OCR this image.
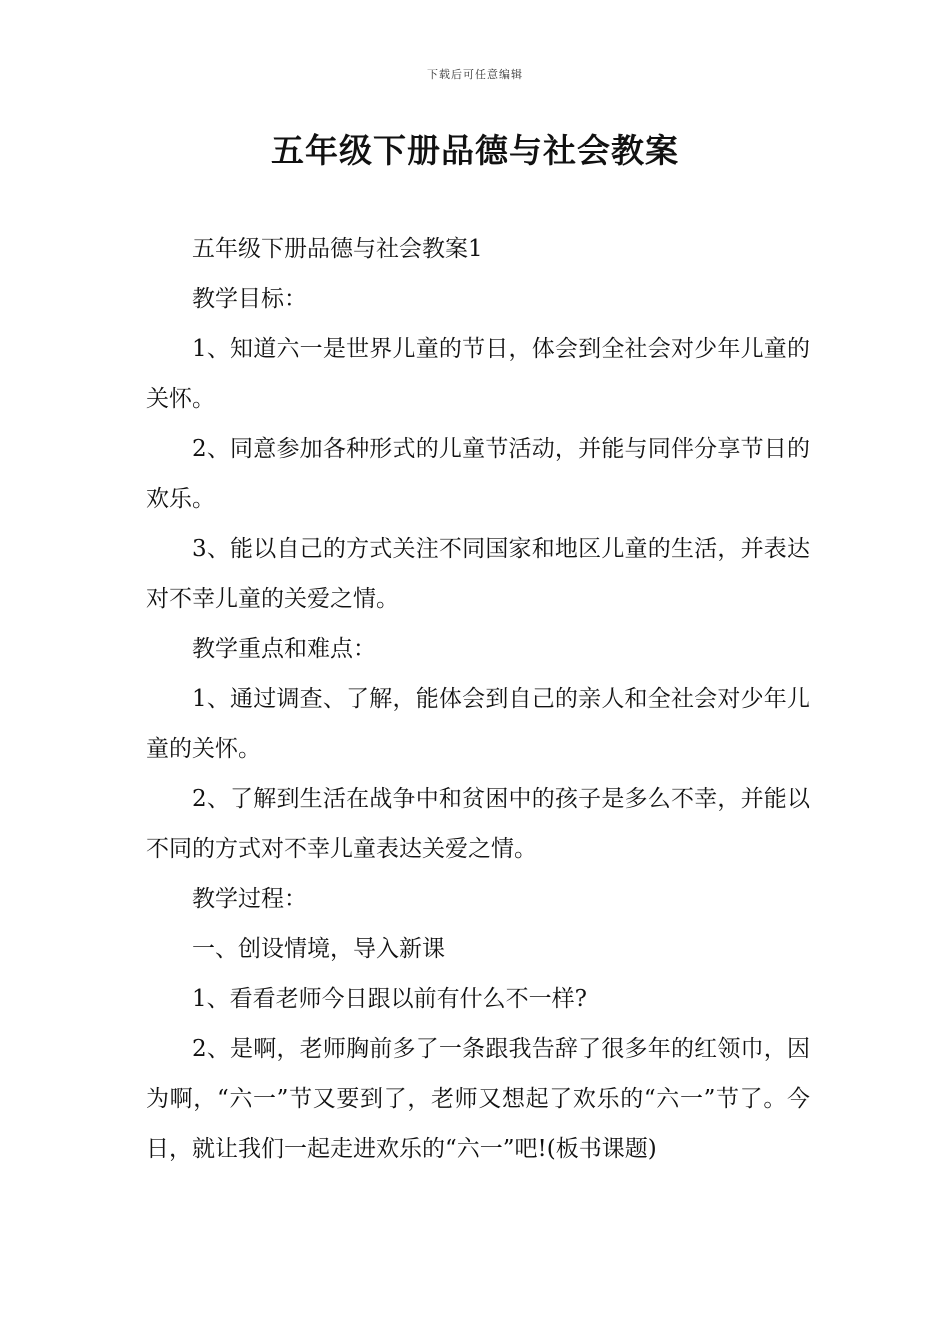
下载后可任意编辑
五年级下册品德与社会教案

五年级下册品德与社会教案1

教学目标：

1、知道六一是世界儿童的节日，体会到全社会对少年儿童的关怀。

2、同意参加各种形式的儿童节活动，并能与同伴分享节日的欢乐。

3、能以自己的方式关注不同国家和地区儿童的生活，并表达对不幸儿童的关爱之情。

教学重点和难点：

1、通过调查、了解，能体会到自己的亲人和全社会对少年儿童的关怀。

2、了解到生活在战争中和贫困中的孩子是多么不幸，并能以不同的方式对不幸儿童表达关爱之情。

教学过程：

一、创设情境，导入新课

1、看看老师今日跟以前有什么不一样?

2、是啊，老师胸前多了一条跟我告辞了很多年的红领巾，因为啊，“六一”节又要到了，老师又想起了欢乐的“六一”节了。今日，就让我们一起走进欢乐的“六一”吧!(板书课题)
